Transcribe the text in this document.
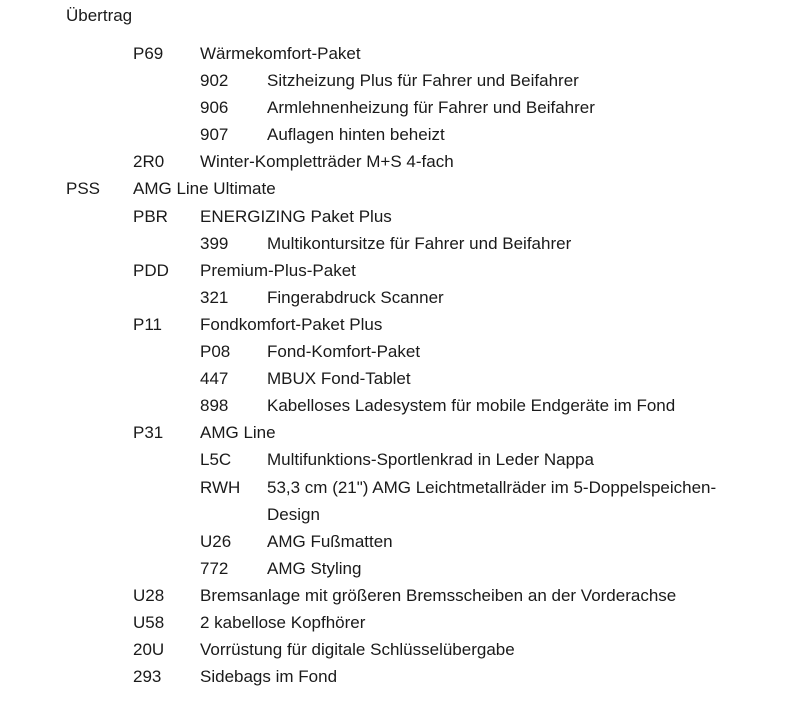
Übertrag
P69	Wärmekomfort-Paket
902	Sitzheizung Plus für Fahrer und Beifahrer
906	Armlehnenheizung für Fahrer und Beifahrer
907	Auflagen hinten beheizt
2R0	Winter-Kompletträder M+S 4-fach
PSS	AMG Line Ultimate
PBR	ENERGIZING Paket Plus
399	Multikontursitze für Fahrer und Beifahrer
PDD	Premium-Plus-Paket
321	Fingerabdruck Scanner
P11	Fondkomfort-Paket Plus
P08	Fond-Komfort-Paket
447	MBUX Fond-Tablet
898	Kabelloses Ladesystem für mobile Endgeräte im Fond
P31	AMG Line
L5C	Multifunktions-Sportlenkrad in Leder Nappa
RWH	53,3 cm (21") AMG Leichtmetallräder im 5-Doppelspeichen-Design
U26	AMG Fußmatten
772	AMG Styling
U28	Bremsanlage mit größeren Bremsscheiben an der Vorderachse
U58	2 kabellose Kopfhörer
20U	Vorrüstung für digitale Schlüsselübergabe
293	Sidebags im Fond
